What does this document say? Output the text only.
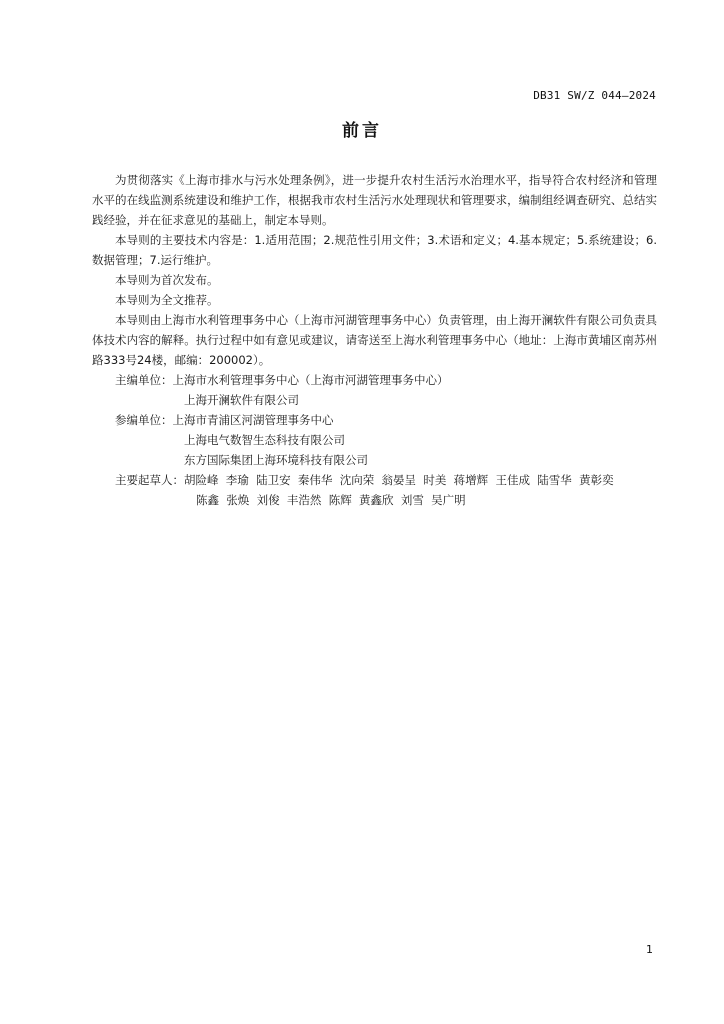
DB31 SW/Z 044—2024
前言

为贯彻落实《上海市排水与污水处理条例》，进一步提升农村生活污水治理水平，指导符合农村经济和管理水平的在线监测系统建设和维护工作，根据我市农村生活污水处理现状和管理要求，编制组经调查研究、总结实践经验，并在征求意见的基础上，制定本导则。

本导则的主要技术内容是：1.适用范围；2.规范性引用文件；3.术语和定义；4.基本规定；5.系统建设；6.数据管理；7.运行维护。

本导则为首次发布。

本导则为全文推荐。

本导则由上海市水利管理事务中心（上海市河湖管理事务中心）负责管理，由上海开澜软件有限公司负责具体技术内容的解释。执行过程中如有意见或建议，请寄送至上海水利管理事务中心（地址：上海市黄埔区南苏州路333号24楼，邮编：200002）。

主编单位：上海市水利管理事务中心（上海市河湖管理事务中心）
上海开澜软件有限公司
参编单位：上海市青浦区河湖管理事务中心
上海电气数智生态科技有限公司
东方国际集团上海环境科技有限公司
主要起草人：胡险峰  李瑜  陆卫安  秦伟华  沈向荣  翁晏呈  时美  蒋增辉  王佳成  陆雪华  黄彰奕
陈鑫  张焕  刘俊  丰浩然  陈辉  黄鑫欣  刘雪  吴广明
1
